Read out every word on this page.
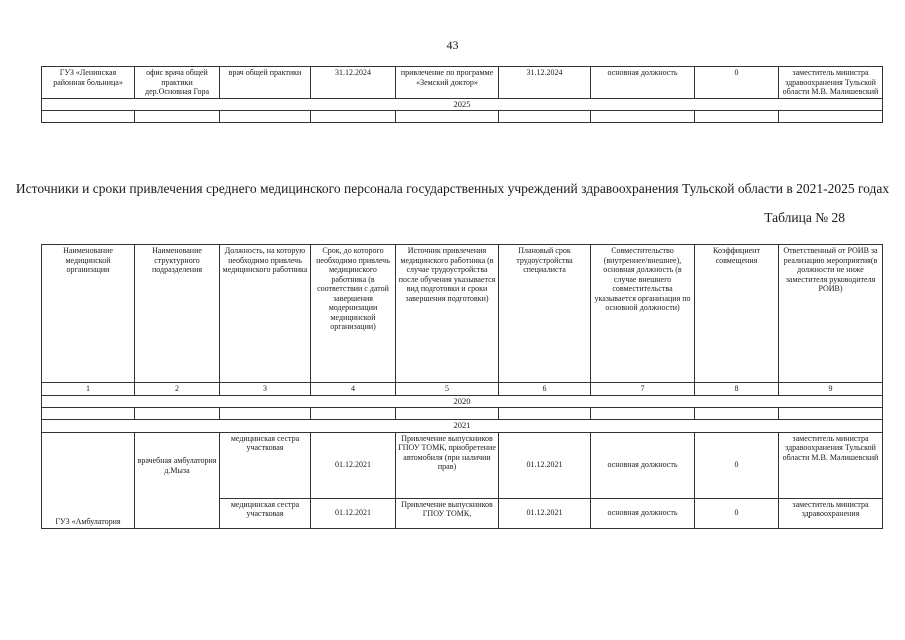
43
ГУЗ «Ленинская районная больница»	офис врача общей практики дер.Основная Гора	врач общей практики	31.12.2024	привлечение по программе «Земский доктор»	31.12.2024	основная должность	0	заместитель министра здравоохранения Тульской области М.В. Малишевский
2025								

Источники и сроки привлечения среднего медицинского персонала государственных учреждений здравоохранения Тульской области в 2021-2025 годах
Таблица № 28
Наименование медицинской организации	Наименование структурного подразделения	Должность, на которую необходимо привлечь медицинского работника	Срок, до которого необходимо привлечь медицинского работника (в соответствии с датой завершения модернизации медицинской организации)	Источник привлечения медицинского работника (в случае трудоустройства после обучения указывается вид подготовки и сроки завершения подготовки)	Плановый срок трудоустройства специалиста	Совместительство (внутреннее/внешнее), основная должность (в случае внешнего совместительства указывается организация по основной должности)	Коэффициент совмещения	Ответственный от РОИВ за реализацию мероприятия(в должности не ниже заместителя руководителя РОИВ)
1	2	3	4	5	6	7	8	9
2020								

2021								
ГУЗ «Амбулатория	врачебная амбулатория д.Мыза	медицинская сестра участковая	01.12.2021	Привлечение выпускников ГПОУ ТОМК, приобретение автомобиля (при наличии прав)	01.12.2021	основная должность	0	заместитель министра здравоохранения Тульской области М.В. Малишевский
		медицинская сестра участковая	01.12.2021	Привлечение выпускников ГПОУ ТОМК,	01.12.2021	основная должность	0	заместитель министра здравоохранения
